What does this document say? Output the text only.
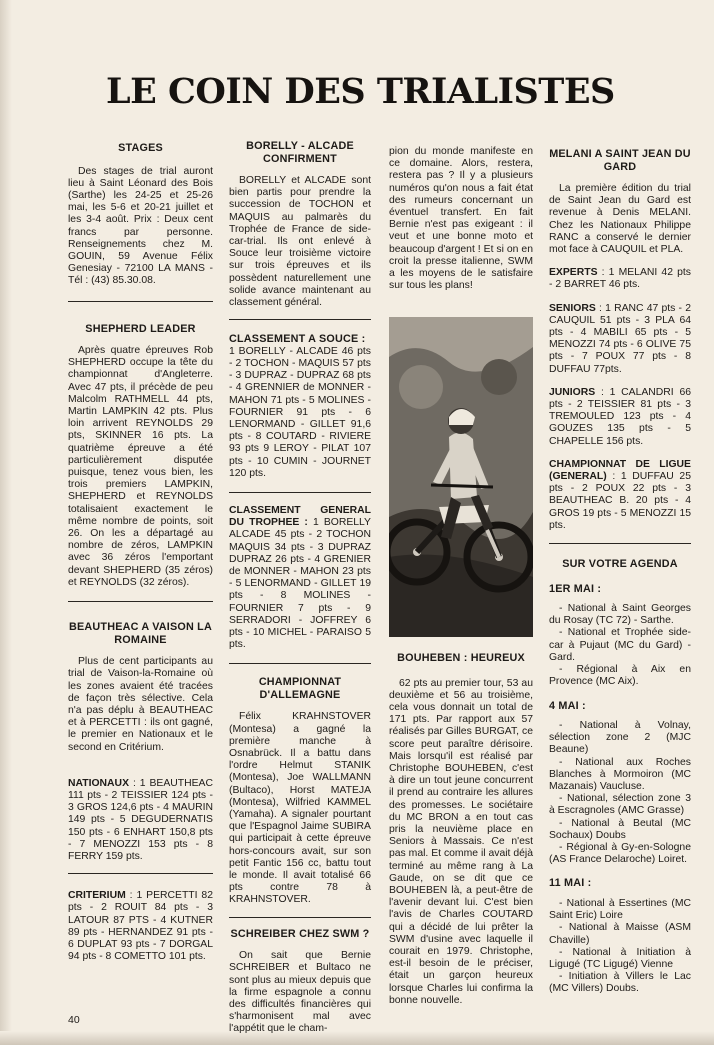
LE COIN DES TRIALISTES
STAGES

Des stages de trial auront lieu à Saint Léonard des Bois (Sarthe) les 24-25 et 25-26 mai, les 5-6 et 20-21 juillet et les 3-4 août. Prix : Deux cent francs par personne. Renseignements chez M. GOUIN, 59 Avenue Félix Genesiay - 72100 LA MANS - Tél : (43) 85.30.08.

SHEPHERD LEADER

Après quatre épreuves Rob SHEPHERD occupe la tête du championnat d'Angleterre. Avec 47 pts, il précède de peu Malcolm RATHMELL 44 pts, Martin LAMPKIN 42 pts. Plus loin arrivent REYNOLDS 29 pts, SKINNER 16 pts. La quatrième épreuve a été particulièrement disputée puisque, tenez vous bien, les trois premiers LAMPKIN, SHEPHERD et REYNOLDS totalisaient exactement le même nombre de points, soit 26. On les a départagé au nombre de zéros, LAMPKIN avec 36 zéros l'emportant devant SHEPHERD (35 zéros) et REYNOLDS (32 zéros).

BEAUTHEAC A VAISON LA ROMAINE

Plus de cent participants au trial de Vaison-la-Romaine où les zones avaient été tracées de façon très sélective. Cela n'a pas déplu à BEAUTHEAC et à PERCETTI : ils ont gagné, le premier en Nationaux et le second en Critérium.

NATIONAUX : 1 BEAUTHEAC 111 pts - 2 TEISSIER 124 pts - 3 GROS 124,6 pts - 4 MAURIN 149 pts - 5 DEGUDERNATIS 150 pts - 6 ENHART 150,8 pts - 7 MENOZZI 153 pts - 8 FERRY 159 pts.

CRITERIUM : 1 PERCETTI 82 pts - 2 ROUIT 84 pts - 3 LATOUR 87 PTS - 4 KUTNER 89 pts - HERNANDEZ 91 pts - 6 DUPLAT 93 pts - 7 DORGAL 94 pts - 8 COMETTO 101 pts.

BORELLY - ALCADE CONFIRMENT

BORELLY et ALCADE sont bien partis pour prendre la succession de TOCHON et MAQUIS au palmarès du Trophée de France de side-car-trial. Ils ont enlevé à Souce leur troisième victoire sur trois épreuves et ils possèdent naturellement une solide avance maintenant au classement général.

CLASSEMENT A SOUCE :

1 BORELLY - ALCADE 46 pts - 2 TOCHON - MAQUIS 57 pts - 3 DUPRAZ - DUPRAZ 68 pts - 4 GRENNIER de MONNER - MAHON 71 pts - 5 MOLINES - FOURNIER 91 pts - 6 LENORMAND - GILLET 91,6 pts - 8 COUTARD - RIVIERE 93 pts 9 LEROY - PILAT 107 pts - 10 CUMIN - JOURNET 120 pts.

CLASSEMENT GENERAL DU TROPHEE : 1 BORELLY ALCADE 45 pts - 2 TOCHON MAQUIS 34 pts - 3 DUPRAZ DUPRAZ 26 pts - 4 GRENIER de MONNER - MAHON 23 pts - 5 LENORMAND - GILLET 19 pts - 8 MOLINES - FOURNIER 7 pts - 9 SERRADORI - JOFFREY 6 pts - 10 MICHEL - PARAISO 5 pts.

CHAMPIONNAT D'ALLEMAGNE

Félix KRAHNSTOVER (Montesa) a gagné la première manche à Osnabrück. Il a battu dans l'ordre Helmut STANIK (Montesa), Joe WALLMANN (Bultaco), Horst MATEJA (Montesa), Wilfried KAMMEL (Yamaha). A signaler pourtant que l'Espagnol Jaime SUBIRA qui participait à cette épreuve hors-concours avait, sur son petit Fantic 156 cc, battu tout le monde. Il avait totalisé 66 pts contre 78 à KRAHNSTOVER.

SCHREIBER CHEZ SWM ?

On sait que Bernie SCHREIBER et Bultaco ne sont plus au mieux depuis que la firme espagnole a connu des difficultés financières qui s'harmonisent mal avec l'appétit que le cham-

pion du monde manifeste en ce domaine. Alors, restera, restera pas ? Il y a plusieurs numéros qu'on nous a fait état des rumeurs concernant un éventuel transfert. En fait Bernie n'est pas exigeant : il veut et une bonne moto et beaucoup d'argent ! Et si on en croit la presse italienne, SWM a les moyens de le satisfaire sur tous les plans!

BOUHEBEN : HEUREUX

62 pts au premier tour, 53 au deuxième et 56 au troisième, cela vous donnait un total de 171 pts. Par rapport aux 57 réalisés par Gilles BURGAT, ce score peut paraître dérisoire. Mais lorsqu'il est réalisé par Christophe BOUHEBEN, c'est à dire un tout jeune concurrent il prend au contraire les allures des promesses. Le sociétaire du MC BRON a en tout cas pris la neuvième place en Seniors à Massais. Ce n'est pas mal. Et comme il avait déjà terminé au même rang à La Gaude, on se dit que ce BOUHEBEN là, a peut-être de l'avenir devant lui. C'est bien l'avis de Charles COUTARD qui a décidé de lui prêter la SWM d'usine avec laquelle il courait en 1979. Christophe, est-il besoin de le préciser, était un garçon heureux lorsque Charles lui confirma la bonne nouvelle.

MELANI A SAINT JEAN DU GARD

La première édition du trial de Saint Jean du Gard est revenue à Denis MELANI. Chez les Nationaux Philippe RANC a conservé le dernier mot face à CAUQUIL et PLA.

EXPERTS : 1 MELANI 42 pts - 2 BARRET 46 pts.

SENIORS : 1 RANC 47 pts - 2 CAUQUIL 51 pts - 3 PLA 64 pts - 4 MABILI 65 pts - 5 MENOZZI 74 pts - 6 OLIVE 75 pts - 7 POUX 77 pts - 8 DUFFAU 77pts.

JUNIORS : 1 CALANDRI 66 pts - 2 TEISSIER 81 pts - 3 TREMOULED 123 pts - 4 GOUZES 135 pts - 5 CHAPELLE 156 pts.

CHAMPIONNAT DE LIGUE (GENERAL) : 1 DUFFAU 25 pts - 2 POUX 22 pts - 3 BEAUTHEAC B. 20 pts - 4 GROS 19 pts - 5 MENOZZI 15 pts.

SUR VOTRE AGENDA
1ER MAI :

- National à Saint Georges du Rosay (TC 72) - Sarthe.

- National et Trophée side-car à Pujaut (MC du Gard) - Gard.

- Régional à Aix en Provence (MC Aix).

4 MAI :

- National à Volnay, sélection zone 2 (MJC Beaune)

- National aux Roches Blanches à Mormoiron (MC Mazanais) Vaucluse.

- National, sélection zone 3 à Escragnoles (AMC Grasse)

- National à Beutal (MC Sochaux) Doubs

- Régional à Gy-en-Sologne (AS France Delaroche) Loiret.

11 MAI :

- National à Essertines (MC Saint Eric) Loire

- National à Maisse (ASM Chaville)

- National à Initiation à Ligugé (TC Ligugé) Vienne

- Initiation à Villers le Lac (MC Villers) Doubs.

40
